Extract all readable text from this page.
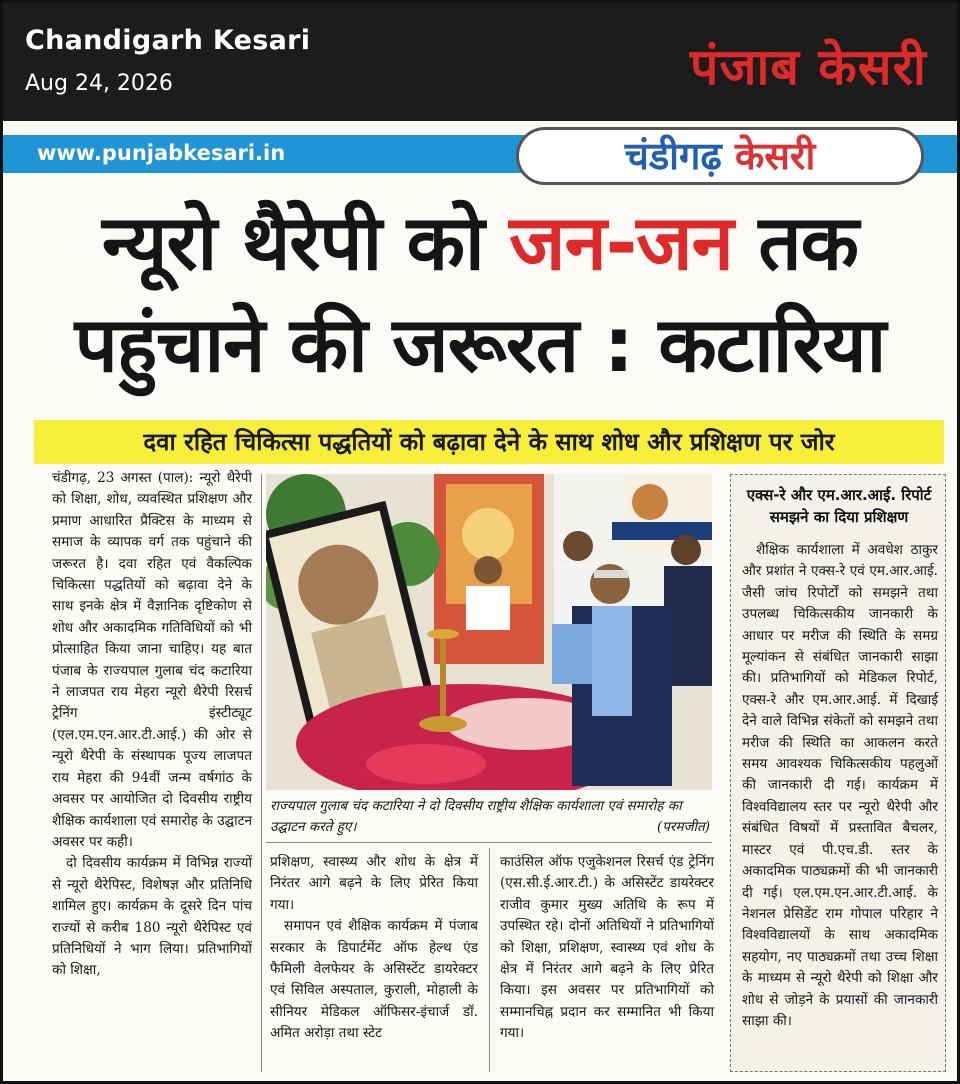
Chandigarh Kesari
Aug 24, 2026	पंजाब केसरी
www.punjabkesari.in	चंडीगढ़ केसरी
न्यूरो थैरेपी को जन-जन तक
पहुंचाने की जरूरत : कटारिया
दवा रहित चिकित्सा पद्धतियों को बढ़ावा देने के साथ शोध और प्रशिक्षण पर जोर

चंडीगढ़, 23 अगस्त (पाल): न्यूरो थैरेपी को शिक्षा, शोध, व्यवस्थित प्रशिक्षण और प्रमाण आधारित प्रैक्टिस के माध्यम से समाज के व्यापक वर्ग तक पहुंचाने की जरूरत है। दवा रहित एवं वैकल्पिक चिकित्सा पद्धतियों को बढ़ावा देने के साथ इनके क्षेत्र में वैज्ञानिक दृष्टिकोण से शोध और अकादमिक गतिविधियों को भी प्रोत्साहित किया जाना चाहिए। यह बात पंजाब के राज्यपाल गुलाब चंद कटारिया ने लाजपत राय मेहरा न्यूरो थैरेपी रिसर्च ट्रेनिंग इंस्टीट्यूट (एल.एम.एन.आर.टी.आई.) की ओर से न्यूरो थैरेपी के संस्थापक पूज्य लाजपत राय मेहरा की 94वीं जन्म वर्षगांठ के अवसर पर आयोजित दो दिवसीय राष्ट्रीय शैक्षिक कार्यशाला एवं समारोह के उद्घाटन अवसर पर कही।

दो दिवसीय कार्यक्रम में विभिन्न राज्यों से न्यूरो थैरेपिस्ट, विशेषज्ञ और प्रतिनिधि शामिल हुए। कार्यक्रम के दूसरे दिन पांच राज्यों से करीब 180 न्यूरो थैरेपिस्ट एवं प्रतिनिधियों ने भाग लिया। प्रतिभागियों को शिक्षा,

राज्यपाल गुलाब चंद कटारिया ने दो दिवसीय राष्ट्रीय शैक्षिक कार्यशाला एवं समारोह का उद्घाटन करते हुए।	(परमजीत)

प्रशिक्षण, स्वास्थ्य और शोध के क्षेत्र में निरंतर आगे बढ़ने के लिए प्रेरित किया गया।

समापन एवं शैक्षिक कार्यक्रम में पंजाब सरकार के डिपार्टमेंट ऑफ हेल्थ एंड फैमिली वेलफेयर के असिस्टेंट डायरेक्टर एवं सिविल अस्पताल, कुराली, मोहाली के सीनियर मेडिकल ऑफिसर-इंचार्ज डॉ. अमित अरोड़ा तथा स्टेट

काउंसिल ऑफ एजुकेशनल रिसर्च एंड ट्रेनिंग (एस.सी.ई.आर.टी.) के असिस्टेंट डायरेक्टर राजीव कुमार मुख्य अतिथि के रूप में उपस्थित रहे। दोनों अतिथियों ने प्रतिभागियों को शिक्षा, प्रशिक्षण, स्वास्थ्य एवं शोध के क्षेत्र में निरंतर आगे बढ़ने के लिए प्रेरित किया। इस अवसर पर प्रतिभागियों को सम्मानचिह्न प्रदान कर सम्मानित भी किया गया।

एक्स-रे और एम.आर.आई. रिपोर्ट समझने का दिया प्रशिक्षण

शैक्षिक कार्यशाला में अवधेश ठाकुर और प्रशांत ने एक्स-रे एवं एम.आर.आई. जैसी जांच रिपोर्टों को समझने तथा उपलब्ध चिकित्सकीय जानकारी के आधार पर मरीज की स्थिति के समग्र मूल्यांकन से संबंधित जानकारी साझा की। प्रतिभागियों को मेडिकल रिपोर्ट, एक्स-रे और एम.आर.आई. में दिखाई देने वाले विभिन्न संकेतों को समझने तथा मरीज की स्थिति का आकलन करते समय आवश्यक चिकित्सकीय पहलुओं की जानकारी दी गई। कार्यक्रम में विश्वविद्यालय स्तर पर न्यूरो थैरेपी और संबंधित विषयों में प्रस्तावित बैचलर, मास्टर एवं पी.एच.डी. स्तर के अकादमिक पाठ्यक्रमों की भी जानकारी दी गई। एल.एम.एन.आर.टी.आई. के नेशनल प्रेसिडेंट राम गोपाल परिहार ने विश्वविद्यालयों के साथ अकादमिक सहयोग, नए पाठ्यक्रमों तथा उच्च शिक्षा के माध्यम से न्यूरो थैरेपी को शिक्षा और शोध से जोड़ने के प्रयासों की जानकारी साझा की।
